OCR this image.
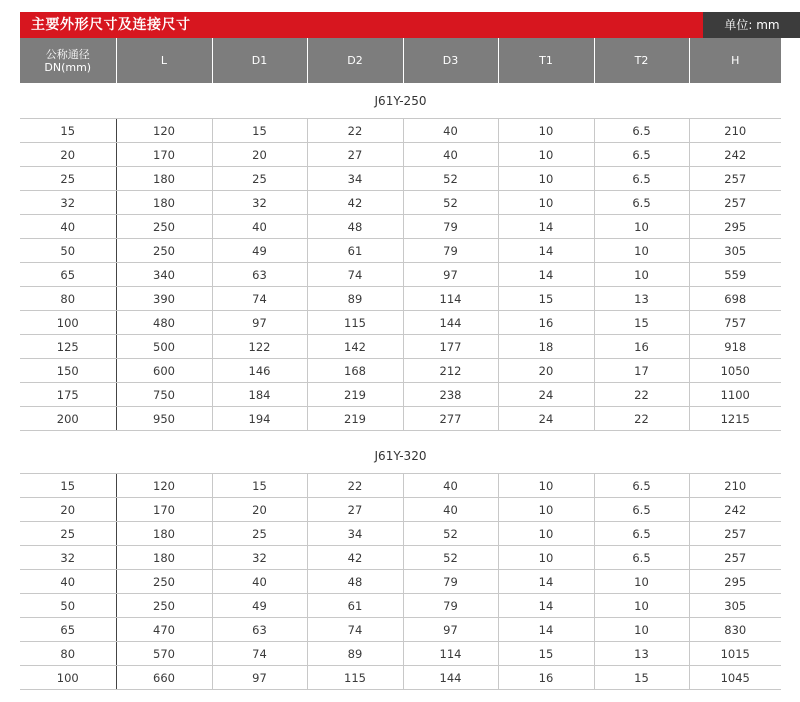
主要外形尺寸及连接尺寸	单位: mm
公称通径
DN(mm)	L	D1	D2	D3	T1	T2	H
J61Y-250							
15	120	15	22	40	10	6.5	210
20	170	20	27	40	10	6.5	242
25	180	25	34	52	10	6.5	257
32	180	32	42	52	10	6.5	257
40	250	40	48	79	14	10	295
50	250	49	61	79	14	10	305
65	340	63	74	97	14	10	559
80	390	74	89	114	15	13	698
100	480	97	115	144	16	15	757
125	500	122	142	177	18	16	918
150	600	146	168	212	20	17	1050
175	750	184	219	238	24	22	1100
200	950	194	219	277	24	22	1215

J61Y-320							
15	120	15	22	40	10	6.5	210
20	170	20	27	40	10	6.5	242
25	180	25	34	52	10	6.5	257
32	180	32	42	52	10	6.5	257
40	250	40	48	79	14	10	295
50	250	49	61	79	14	10	305
65	470	63	74	97	14	10	830
80	570	74	89	114	15	13	1015
100	660	97	115	144	16	15	1045
